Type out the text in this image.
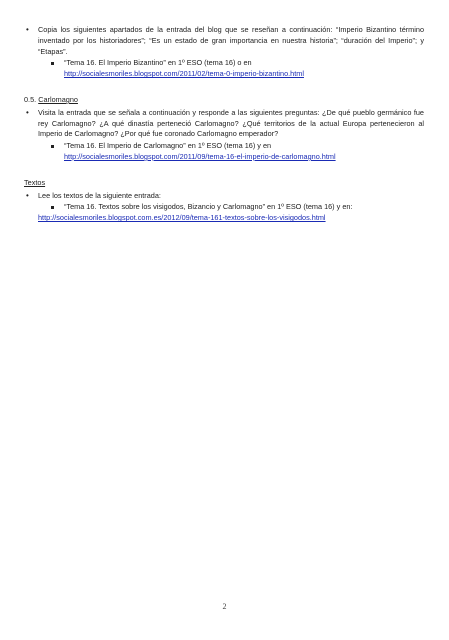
• Copia los siguientes apartados de la entrada del blog que se reseñan a continuación: “Imperio Bizantino término inventado por los historiadores”; “Es un estado de gran importancia en nuestra historia”; “duración del Imperio”; y “Etapas”.
“Tema 16. El Imperio Bizantino” en 1º ESO (tema 16) o en
http://socialesmoriles.blogspot.com/2011/02/tema-0-imperio-bizantino.html
0.5. Carlomagno
• Visita la entrada que se señala a continuación y responde a las siguientes preguntas: ¿De qué pueblo germánico fue rey Carlomagno? ¿A qué dinastía perteneció Carlomagno? ¿Qué territorios de la actual Europa pertenecieron al Imperio de Carlomagno? ¿Por qué fue coronado Carlomagno emperador?
“Tema 16. El Imperio de Carlomagno” en 1º ESO (tema 16) y en
http://socialesmoriles.blogspot.com/2011/09/tema-16-el-imperio-de-carlomagno.html
Textos
• Lee los textos de la siguiente entrada:
“Tema 16. Textos sobre los visigodos, Bizancio y Carlomagno” en 1º ESO (tema 16) y en:
http://socialesmoriles.blogspot.com.es/2012/09/tema-161-textos-sobre-los-visigodos.html
2
